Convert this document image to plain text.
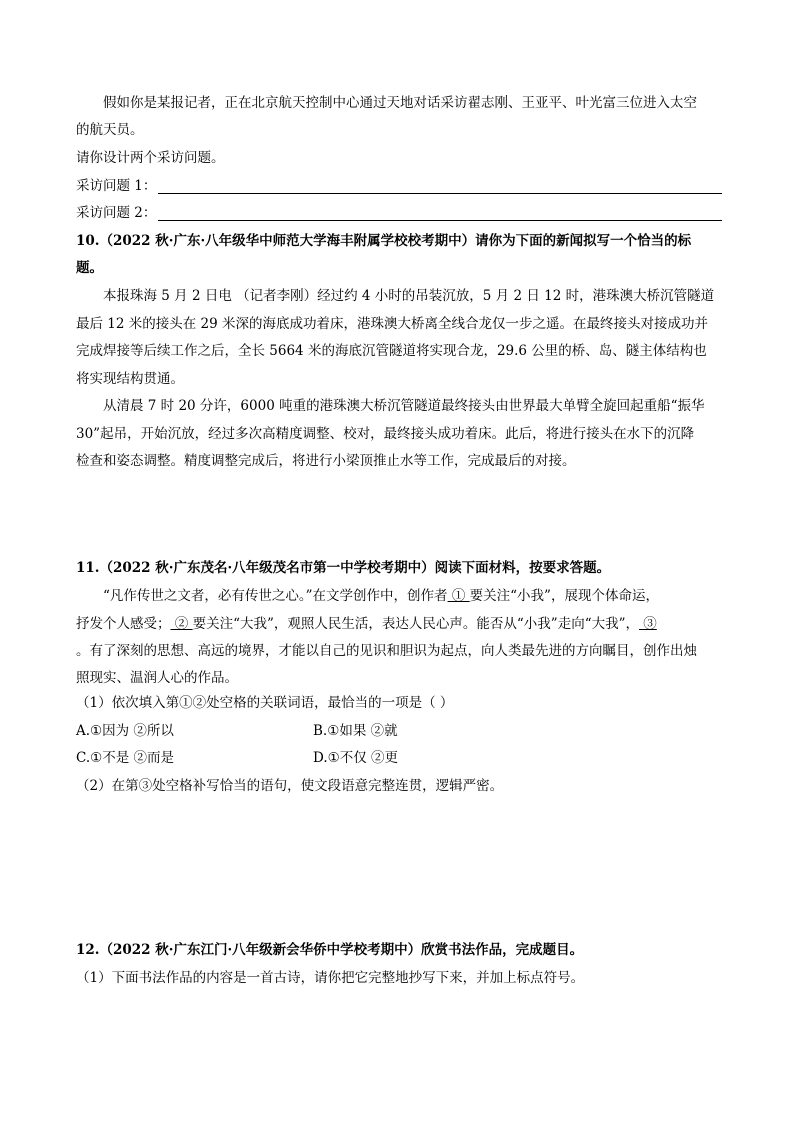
假如你是某报记者，正在北京航天控制中心通过天地对话采访翟志刚、王亚平、叶光富三位进入太空
的航天员。
请你设计两个采访问题。
采访问题 1：
采访问题 2：
10.（2022 秋·广东·八年级华中师范大学海丰附属学校校考期中）请你为下面的新闻拟写一个恰当的标
题。
本报珠海 5 月 2 日电 （记者李刚）经过约 4 小时的吊装沉放，5 月 2 日 12 时，港珠澳大桥沉管隧道
最后 12 米的接头在 29 米深的海底成功着床，港珠澳大桥离全线合龙仅一步之遥。在最终接头对接成功并
完成焊接等后续工作之后，全长 5664 米的海底沉管隧道将实现合龙，29.6 公里的桥、岛、隧主体结构也
将实现结构贯通。
从清晨 7 时 20 分许，6000 吨重的港珠澳大桥沉管隧道最终接头由世界最大单臂全旋回起重船“振华
30”起吊，开始沉放，经过多次高精度调整、校对，最终接头成功着床。此后，将进行接头在水下的沉降
检查和姿态调整。精度调整完成后，将进行小梁顶推止水等工作，完成最后的对接。
11.（2022 秋·广东茂名·八年级茂名市第一中学校考期中）阅读下面材料，按要求答题。
“凡作传世之文者，必有传世之心。”在文学创作中，创作者 ① 要关注“小我”，展现个体命运，
抒发个人感受； ② 要关注“大我”，观照人民生活，表达人民心声。能否从“小我”走向“大我”， ③
。有了深刻的思想、高远的境界，才能以自己的见识和胆识为起点，向人类最先进的方向瞩目，创作出烛
照现实、温润人心的作品。
（1）依次填入第①②处空格的关联词语，最恰当的一项是（ ）
A.①因为 ②所以	B.①如果 ②就
C.①不是 ②而是	D.①不仅 ②更
（2）在第③处空格补写恰当的语句，使文段语意完整连贯，逻辑严密。
12.（2022 秋·广东江门·八年级新会华侨中学校考期中）欣赏书法作品，完成题目。
（1）下面书法作品的内容是一首古诗，请你把它完整地抄写下来，并加上标点符号。
